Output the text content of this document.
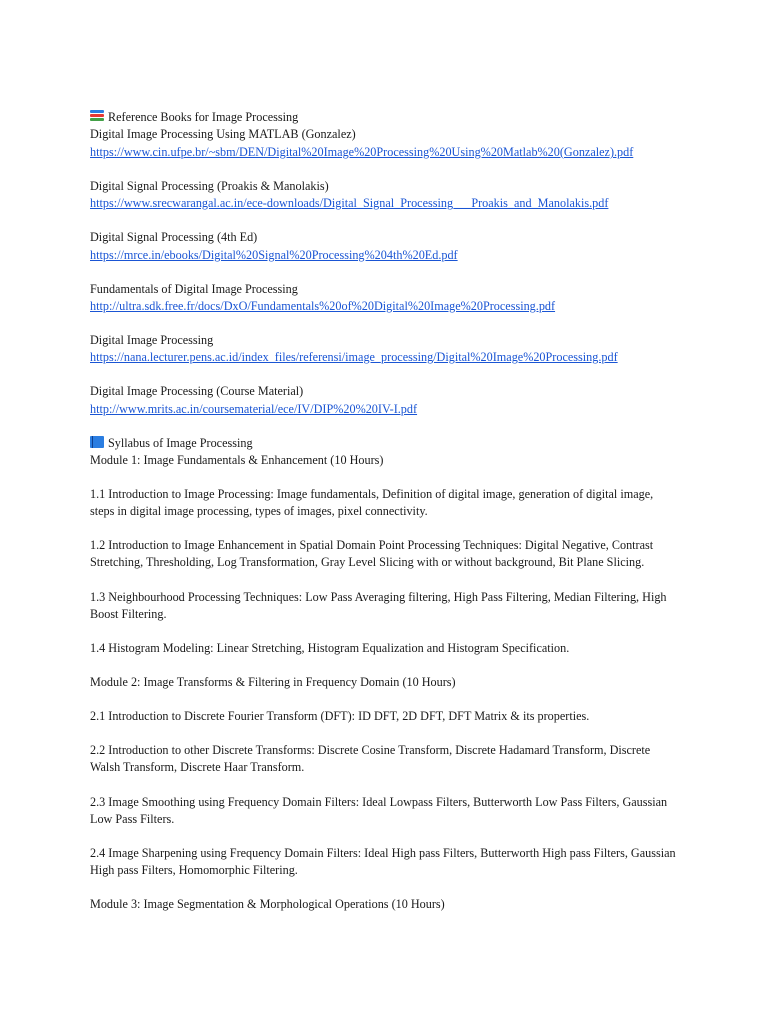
Reference Books for Image Processing
Digital Image Processing Using MATLAB (Gonzalez)
https://www.cin.ufpe.br/~sbm/DEN/Digital%20Image%20Processing%20Using%20Matlab%20(Gonzalez).pdf
Digital Signal Processing (Proakis & Manolakis)
https://www.srecwarangal.ac.in/ece-downloads/Digital_Signal_Processing___Proakis_and_Manolakis.pdf
Digital Signal Processing (4th Ed)
https://mrce.in/ebooks/Digital%20Signal%20Processing%204th%20Ed.pdf
Fundamentals of Digital Image Processing
http://ultra.sdk.free.fr/docs/DxO/Fundamentals%20of%20Digital%20Image%20Processing.pdf
Digital Image Processing
https://nana.lecturer.pens.ac.id/index_files/referensi/image_processing/Digital%20Image%20Processing.pdf
Digital Image Processing (Course Material)
http://www.mrits.ac.in/coursematerial/ece/IV/DIP%20%20IV-I.pdf
Syllabus of Image Processing
Module 1: Image Fundamentals & Enhancement (10 Hours)
1.1 Introduction to Image Processing: Image fundamentals, Definition of digital image, generation of digital image, steps in digital image processing, types of images, pixel connectivity.
1.2 Introduction to Image Enhancement in Spatial Domain Point Processing Techniques: Digital Negative, Contrast Stretching, Thresholding, Log Transformation, Gray Level Slicing with or without background, Bit Plane Slicing.
1.3 Neighbourhood Processing Techniques: Low Pass Averaging filtering, High Pass Filtering, Median Filtering, High Boost Filtering.
1.4 Histogram Modeling: Linear Stretching, Histogram Equalization and Histogram Specification.
Module 2: Image Transforms & Filtering in Frequency Domain (10 Hours)
2.1 Introduction to Discrete Fourier Transform (DFT): ID DFT, 2D DFT, DFT Matrix & its properties.
2.2 Introduction to other Discrete Transforms: Discrete Cosine Transform, Discrete Hadamard Transform, Discrete Walsh Transform, Discrete Haar Transform.
2.3 Image Smoothing using Frequency Domain Filters: Ideal Lowpass Filters, Butterworth Low Pass Filters, Gaussian Low Pass Filters.
2.4 Image Sharpening using Frequency Domain Filters: Ideal High pass Filters, Butterworth High pass Filters, Gaussian High pass Filters, Homomorphic Filtering.
Module 3: Image Segmentation & Morphological Operations (10 Hours)
